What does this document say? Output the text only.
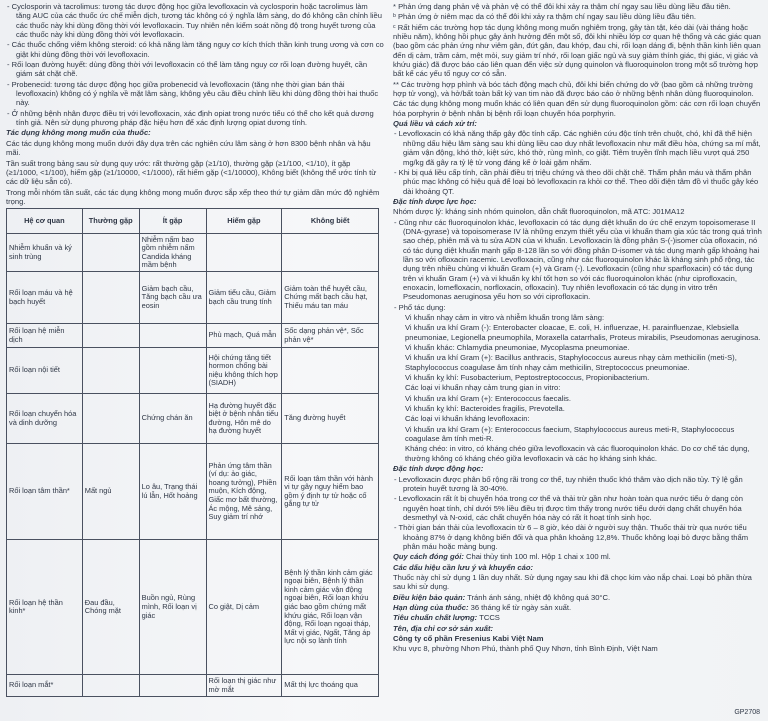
- Cyclosporin và tacrolimus: tương tác dược động học giữa levofloxacin và cyclosporin hoặc tacrolimus làm tăng AUC của các thuốc ức chế miễn dịch, tương tác không có ý nghĩa lâm sàng, do đó không cần chỉnh liều các thuốc này khi dùng đồng thời với levofloxacin. Tuy nhiên nên kiểm soát nồng độ trong huyết tương của các thuốc này khi dùng đồng thời với levofloxacin.

- Các thuốc chống viêm không steroid: có khả năng làm tăng nguy cơ kích thích thần kinh trung ương và cơn co giật khi dùng đồng thời với levofloxacin.

- Rối loạn đường huyết: dùng đồng thời với levofloxacin có thể làm tăng nguy cơ rối loạn đường huyết, cần giám sát chặt chẽ.

- Probenecid: tương tác dược động học giữa probenecid và levofloxacin (tăng nhẹ thời gian bán thải levofloxacin) không có ý nghĩa về mặt lâm sàng, không yêu cầu điều chỉnh liều khi dùng đồng thời hai thuốc này.

- Ở những bệnh nhân được điều trị với levofloxacin, xác định opiat trong nước tiểu có thể cho kết quả dương tính giả. Nên sử dụng phương pháp đặc hiệu hơn để xác định lượng opiat dương tính.

Tác dụng không mong muốn của thuốc:

Các tác dụng không mong muốn dưới đây dựa trên các nghiên cứu lâm sàng ở hơn 8300 bệnh nhân và hậu mãi.

Tần suất trong bảng sau sử dụng quy ước: rất thường gặp (≥1/10), thường gặp (≥1/100, <1/10), ít gặp (≥1/1000, <1/100), hiếm gặp (≥1/10000, <1/1000), rất hiếm gặp (<1/10000), Không biết (không thể ước tính từ các dữ liệu sẵn có).

Trong mỗi nhóm tần suất, các tác dụng không mong muốn được sắp xếp theo thứ tự giảm dần mức độ nghiêm trọng.

Hệ cơ quan	Thường gặp	Ít gặp	Hiếm gặp	Không biết
Nhiễm khuẩn và ký sinh trùng		Nhiễm nấm bao gồm nhiễm nấm Candida kháng mầm bệnh		
Rối loạn máu và hệ bạch huyết		Giảm bạch cầu, Tăng bạch cầu ưa eosin	Giảm tiểu cầu, Giảm bạch cầu trung tính	Giảm toàn thể huyết cầu, Chứng mất bạch cầu hạt, Thiếu máu tan máu
Rối loạn hệ miễn dịch			Phù mạch, Quá mẫn	Sốc dạng phản vệ*, Sốc phản vệ*
Rối loạn nội tiết			Hội chứng tăng tiết hormon chống bài niệu không thích hợp (SIADH)	
Rối loạn chuyển hóa và dinh dưỡng		Chứng chán ăn	Hạ đường huyết đặc biệt ở bệnh nhân tiểu đường, Hôn mê do hạ đường huyết	Tăng đường huyết
Rối loạn tâm thần*	Mất ngủ	Lo âu, Trạng thái lú lẫn, Hốt hoảng	Phản ứng tâm thần (ví dụ: ảo giác, hoang tưởng), Phiền muộn, Kích động, Giấc mơ bất thường, Ác mộng, Mê sảng, Suy giảm trí nhớ	Rối loạn tâm thần với hành vi tự gây nguy hiểm bao gồm ý định tự tử hoặc cố gắng tự tử
Rối loạn hệ thần kinh*	Đau đầu, Chóng mặt	Buồn ngủ, Rùng mình, Rối loạn vị giác	Co giật, Dị cảm	Bệnh lý thần kinh cảm giác ngoại biên, Bệnh lý thần kinh cảm giác vận động ngoại biên, Rối loạn khứu giác bao gồm chứng mất khứu giác, Rối loạn vận động, Rối loạn ngoại tháp, Mất vị giác, Ngất, Tăng áp lực nội sọ lành tính
Rối loạn mắt*			Rối loạn thị giác như mờ mắt	Mất thị lực thoáng qua

* Phản ứng dạng phản vệ và phản vệ có thể đôi khi xảy ra thậm chí ngay sau liều dùng liều đầu tiên.

ᵇ Phản ứng ở niêm mạc da có thể đôi khi xảy ra thậm chí ngay sau liều dùng liều đầu tiên.

ᶜ Rất hiếm các trường hợp tác dụng không mong muốn nghiêm trọng, gây tàn tật, kéo dài (vài tháng hoặc nhiều năm), không hồi phục gây ảnh hưởng đến một số, đôi khi nhiều lớp cơ quan hệ thống và các giác quan (bao gồm các phản ứng như viêm gân, đứt gân, đau khớp, đau chi, rối loạn dáng đi, bệnh thần kinh liên quan đến dị cảm, trầm cảm, mệt mỏi, suy giảm trí nhớ, rối loạn giấc ngủ và suy giảm thính giác, thị giác, vị giác và khứu giác) đã được báo cáo liên quan đến việc sử dụng quinolon và fluoroquinolon trong một số trường hợp bất kể các yếu tố nguy cơ có sẵn.

** Các trường hợp phình và bóc tách động mạch chủ, đôi khi biến chứng do vỡ (bao gồm cả những trường hợp tử vong), và hở/bất toàn bất kỳ van tim nào đã được báo cáo ở những bệnh nhân dùng fluoroquinolon.

Các tác dụng không mong muốn khác có liên quan đến sử dụng fluoroquinolon gồm: các cơn rối loạn chuyển hóa porphyrin ở bệnh nhân bị bệnh rối loạn chuyển hóa porphyrin.

Quá liều và cách xử trí:

- Levofloxacin có khả năng thấp gây độc tính cấp. Các nghiên cứu độc tính trên chuột, chó, khỉ đã thể hiện những dấu hiệu lâm sàng sau khi dùng liều cao duy nhất levofloxacin như mất điều hòa, chứng sa mí mắt, giảm vận động, khó thở, kiệt sức, khó thở, rùng mình, co giật. Tiêm truyền tĩnh mạch liều vượt quá 250 mg/kg đã gây ra tỷ lệ tử vong đáng kể ở loài gặm nhấm.

- Khi bị quá liều cấp tính, cần phải điều trị triệu chứng và theo dõi chặt chẽ. Thẩm phân máu và thẩm phân phúc mạc không có hiệu quả để loại bỏ levofloxacin ra khỏi cơ thể. Theo dõi điện tâm đồ vì thuốc gây kéo dài khoảng QT.

Đặc tính dược lực học:

Nhóm dược lý: kháng sinh nhóm quinolon, dẫn chất fluoroquinolon, mã ATC: J01MA12

- Cũng như các fluoroquinolon khác, levofloxacin có tác dụng diệt khuẩn do ức chế enzym topoisomerase II (DNA-gyrase) và topoisomerase IV là những enzym thiết yếu của vi khuẩn tham gia xúc tác trong quá trình sao chép, phiên mã và tu sửa ADN của vi khuẩn. Levofloxacin là đồng phân S-(-)isomer của ofloxacin, nó có tác dụng diệt khuẩn mạnh gấp 8-128 lần so với đồng phân D-isomer và tác dụng mạnh gấp khoảng hai lần so với ofloxacin racemic. Levofloxacin, cũng như các fluoroquinolon khác là kháng sinh phổ rộng, tác dụng trên nhiều chủng vi khuẩn Gram (+) và Gram (-). Levofloxacin (cũng như sparfloxacin) có tác dụng trên vi khuẩn Gram (+) và vi khuẩn kỵ khí tốt hơn so với các fluoroquinolon khác (như ciprofloxacin, enoxacin, lomefloxacin, norfloxacin, ofloxacin). Tuy nhiên levofloxacin có tác dụng in vitro trên Pseudomonas aeruginosa yếu hơn so với ciprofloxacin.

- Phổ tác dụng:

Vi khuẩn nhạy cảm in vitro và nhiễm khuẩn trong lâm sàng:

Vi khuẩn ưa khí Gram (-): Enterobacter cloacae, E. coli, H. influenzae, H. parainfluenzae, Klebsiella pneumoniae, Legionella pneumophila, Moraxella catarrhalis, Proteus mirabilis, Pseudomonas aeruginosa.

Vi khuẩn khác: Chlamydia pneumoniae, Mycoplasma pneumoniae.

Vi khuẩn ưa khí Gram (+): Bacillus anthracis, Staphylococcus aureus nhạy cảm methicilin (meti-S), Staphylococcus coagulase âm tính nhạy cảm methicilin, Streptococcus pneumoniae.

Vi khuẩn kỵ khí: Fusobacterium, Peptostreptococcus, Propionibacterium.

Các loại vi khuẩn nhạy cảm trung gian in vitro:

Vi khuẩn ưa khí Gram (+): Enterococcus faecalis.

Vi khuẩn kỵ khí: Bacteroides fragilis, Prevotella.

Các loại vi khuẩn kháng levofloxacin:

Vi khuẩn ưa khí Gram (+): Enterococcus faecium, Staphylococcus aureus meti-R, Staphylococcus coagulase âm tính meti-R.

Kháng chéo: in vitro, có kháng chéo giữa levofloxacin và các fluoroquinolon khác. Do cơ chế tác dụng, thường không có kháng chéo giữa levofloxacin và các họ kháng sinh khác.

Đặc tính dược động học:

- Levofloxacin được phân bố rộng rãi trong cơ thể, tuy nhiên thuốc khó thâm vào dịch não tủy. Tỷ lệ gắn protein huyết tương là 30-40%.

- Levofloxacin rất ít bị chuyển hóa trong cơ thể và thải trừ gần như hoàn toàn qua nước tiểu ở dạng còn nguyên hoạt tính, chỉ dưới 5% liều điều trị được tìm thấy trong nước tiểu dưới dạng chất chuyển hóa desmethyl và N-oxid, các chất chuyển hóa này có rất ít hoạt tính sinh học.

- Thời gian bán thải của levofloxacin từ 6 – 8 giờ, kéo dài ở người suy thận. Thuốc thải trừ qua nước tiểu khoảng 87% ở dạng không biến đổi và qua phân khoảng 12,8%. Thuốc không loại bỏ được bằng thẩm phân máu hoặc màng bụng.

Quy cách đóng gói: Chai thủy tinh 100 ml. Hộp 1 chai x 100 ml.

Các dấu hiệu cần lưu ý và khuyến cáo:

Thuốc này chỉ sử dụng 1 lần duy nhất. Sử dụng ngay sau khi đã chọc kim vào nắp chai. Loại bỏ phần thừa sau khi sử dụng.

Điều kiện bảo quản: Tránh ánh sáng, nhiệt độ không quá 30°C.

Hạn dùng của thuốc: 36 tháng kể từ ngày sản xuất.

Tiêu chuẩn chất lượng: TCCS

Tên, địa chỉ cơ sở sản xuất:

Công ty cổ phần Fresenius Kabi Việt Nam

Khu vực 8, phường Nhơn Phú, thành phố Quy Nhơn, tỉnh Bình Định, Việt Nam

GP2708
